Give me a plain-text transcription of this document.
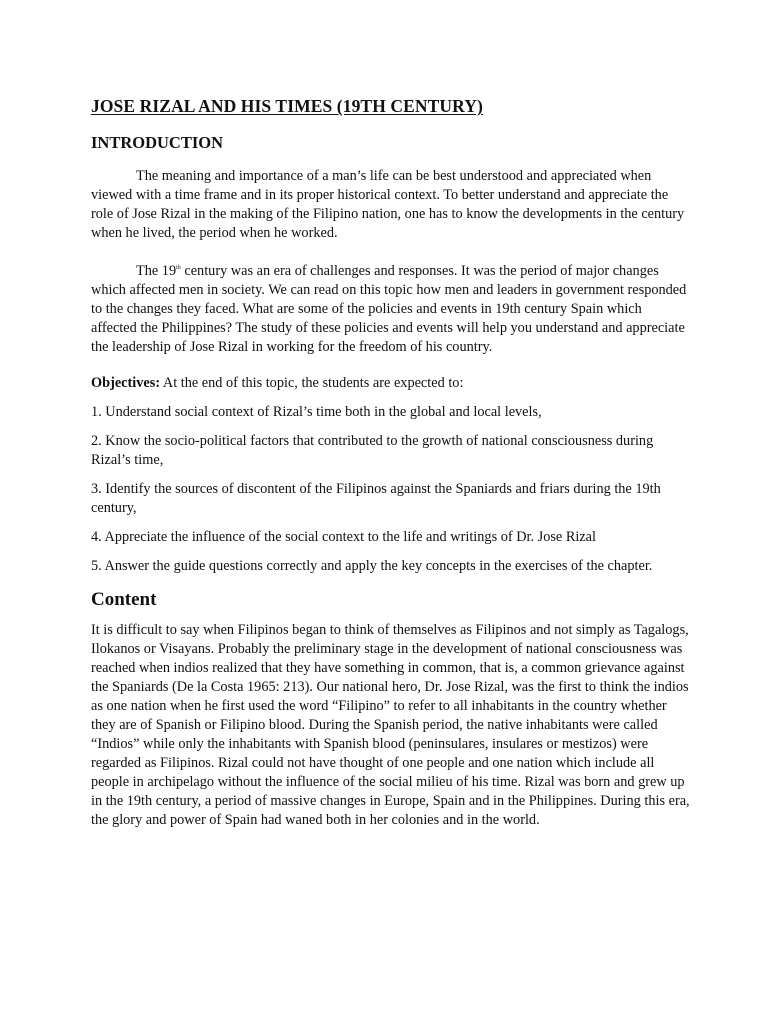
JOSE RIZAL AND HIS TIMES (19TH CENTURY)
INTRODUCTION

The meaning and importance of a man’s life can be best understood and appreciated when viewed with a time frame and in its proper historical context. To better understand and appreciate the role of Jose Rizal in the making of the Filipino nation, one has to know the developments in the century when he lived, the period when he worked.

The 19th century was an era of challenges and responses. It was the period of major changes which affected men in society. We can read on this topic how men and leaders in government responded to the changes they faced. What are some of the policies and events in 19th century Spain which affected the Philippines? The study of these policies and events will help you understand and appreciate the leadership of Jose Rizal in working for the freedom of his country.

Objectives: At the end of this topic, the students are expected to:

1. Understand social context of Rizal’s time both in the global and local levels,

2. Know the socio-political factors that contributed to the growth of national consciousness during Rizal’s time,

3. Identify the sources of discontent of the Filipinos against the Spaniards and friars during the 19th century,

4. Appreciate the influence of the social context to the life and writings of Dr. Jose Rizal

5. Answer the guide questions correctly and apply the key concepts in the exercises of the chapter.

Content

It is difficult to say when Filipinos began to think of themselves as Filipinos and not simply as Tagalogs, Ilokanos or Visayans. Probably the preliminary stage in the development of national consciousness was reached when indios realized that they have something in common, that is, a common grievance against the Spaniards (De la Costa 1965: 213). Our national hero, Dr. Jose Rizal, was the first to think the indios as one nation when he first used the word “Filipino” to refer to all inhabitants in the country whether they are of Spanish or Filipino blood. During the Spanish period, the native inhabitants were called “Indios” while only the inhabitants with Spanish blood (peninsulares, insulares or mestizos) were regarded as Filipinos. Rizal could not have thought of one people and one nation which include all people in archipelago without the influence of the social milieu of his time. Rizal was born and grew up in the 19th century, a period of massive changes in Europe, Spain and in the Philippines. During this era, the glory and power of Spain had waned both in her colonies and in the world.
